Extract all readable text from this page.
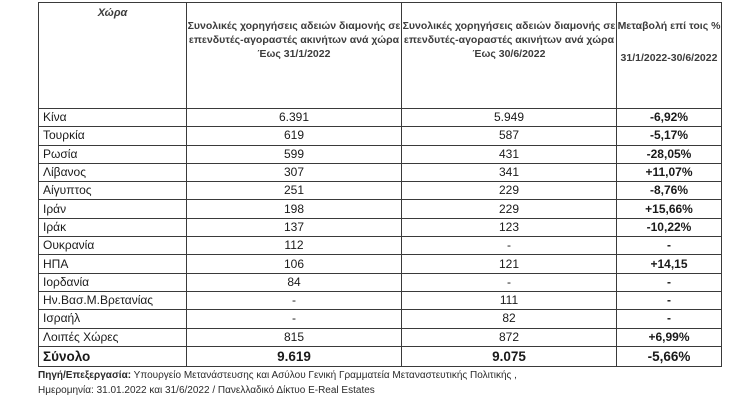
Χώρα	Συνολικές χορηγήσεις αδειών διαμονής σε επενδυτές-αγοραστές ακινήτων ανά χώρα Έως 31/1/2022	Συνολικές χορηγήσεις αδειών διαμονής σε επενδυτές-αγοραστές ακινήτων ανά χώρα Έως 30/6/2022	Μεταβολή επί τοις %
31/1/2022-30/6/2022

Κίνα	6.391	5.949	-6,92%
Τουρκία	619	587	-5,17%
Ρωσία	599	431	-28,05%
Λίβανος	307	341	+11,07%
Αίγυπτος	251	229	-8,76%
Ιράν	198	229	+15,66%
Ιράκ	137	123	-10,22%
Ουκρανία	112	-	-
ΗΠΑ	106	121	+14,15
Ιορδανία	84	-	-
Ην.Βασ.Μ.Βρετανίας	-	111	-
Ισραήλ	-	82	-
Λοιπές Χώρες	815	872	+6,99%
Σύνολο	9.619	9.075	-5,66%
Πηγή/Επεξεργασία: Υπουργείο Μετανάστευσης και Ασύλου Γενική Γραμματεία Μεταναστευτικής Πολιτικής ,
Ημερομηνία: 31.01.2022 και 31/6/2022 / Πανελλαδικό Δίκτυο E-Real Estates
